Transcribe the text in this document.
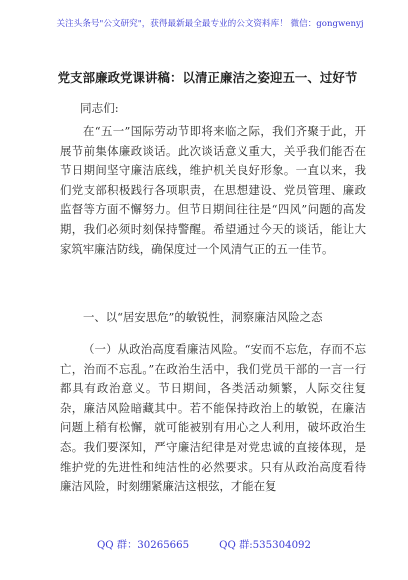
关注头条号"公文研究"，获得最新最全最专业的公文资料库！ 微信：gongwenyj
党支部廉政党课讲稿：以清正廉洁之姿迎五一、过好节
同志们:

在“五一”国际劳动节即将来临之际，我们齐聚于此，开展节前集体廉政谈话。此次谈话意义重大，关乎我们能否在节日期间坚守廉洁底线，维护机关良好形象。一直以来，我们党支部积极践行各项职责，在思想建设、党员管理、廉政监督等方面不懈努力。但节日期间往往是“四风”问题的高发期，我们必须时刻保持警醒。希望通过今天的谈话，能让大家筑牢廉洁防线，确保度过一个风清气正的五一佳节。

一、以“居安思危”的敏锐性，洞察廉洁风险之态

（一）从政治高度看廉洁风险。“安而不忘危，存而不忘亡，治而不忘乱。”在政治生活中，我们党员干部的一言一行都具有政治意义。节日期间，各类活动频繁，人际交往复杂，廉洁风险暗藏其中。若不能保持政治上的敏锐，在廉洁问题上稍有松懈，就可能被别有用心之人利用，破坏政治生态。我们要深知，严守廉洁纪律是对党忠诚的直接体现，是维护党的先进性和纯洁性的必然要求。只有从政治高度看待廉洁风险，时刻绷紧廉洁这根弦，才能在复

QQ 群：30265665	QQ 群:535304092
